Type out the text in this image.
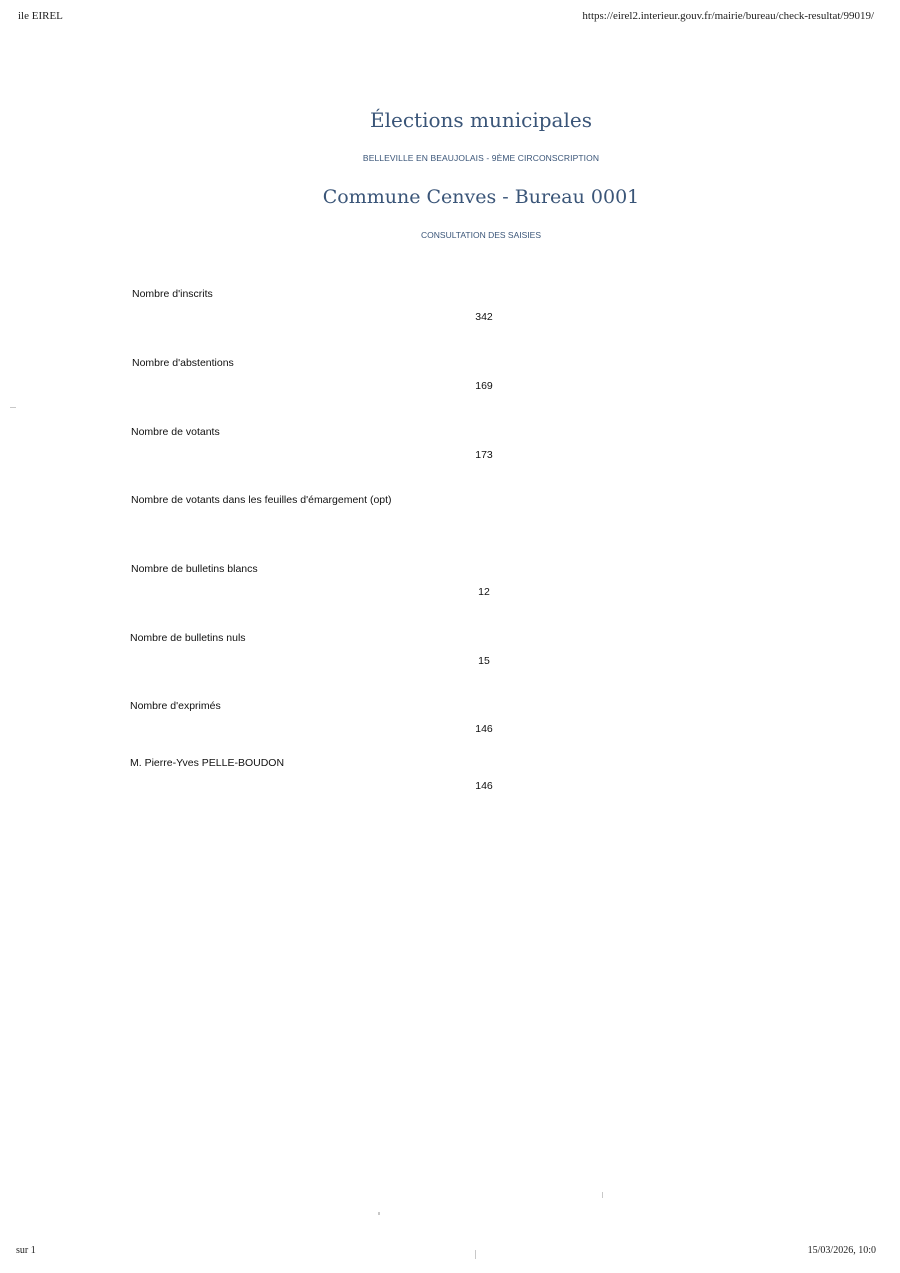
ile EIREL	https://eirel2.interieur.gouv.fr/mairie/bureau/check-resultat/99019/
Élections municipales
BELLEVILLE EN BEAUJOLAIS - 9ÈME CIRCONSCRIPTION
Commune Cenves - Bureau 0001
CONSULTATION DES SAISIES
Nombre d'inscrits
342
Nombre d'abstentions
169
Nombre de votants
173
Nombre de votants dans les feuilles d'émargement (opt)
Nombre de bulletins blancs
12
Nombre de bulletins nuls
15
Nombre d'exprimés
146
M. Pierre-Yves PELLE-BOUDON
146
sur 1	15/03/2026, 10:0
